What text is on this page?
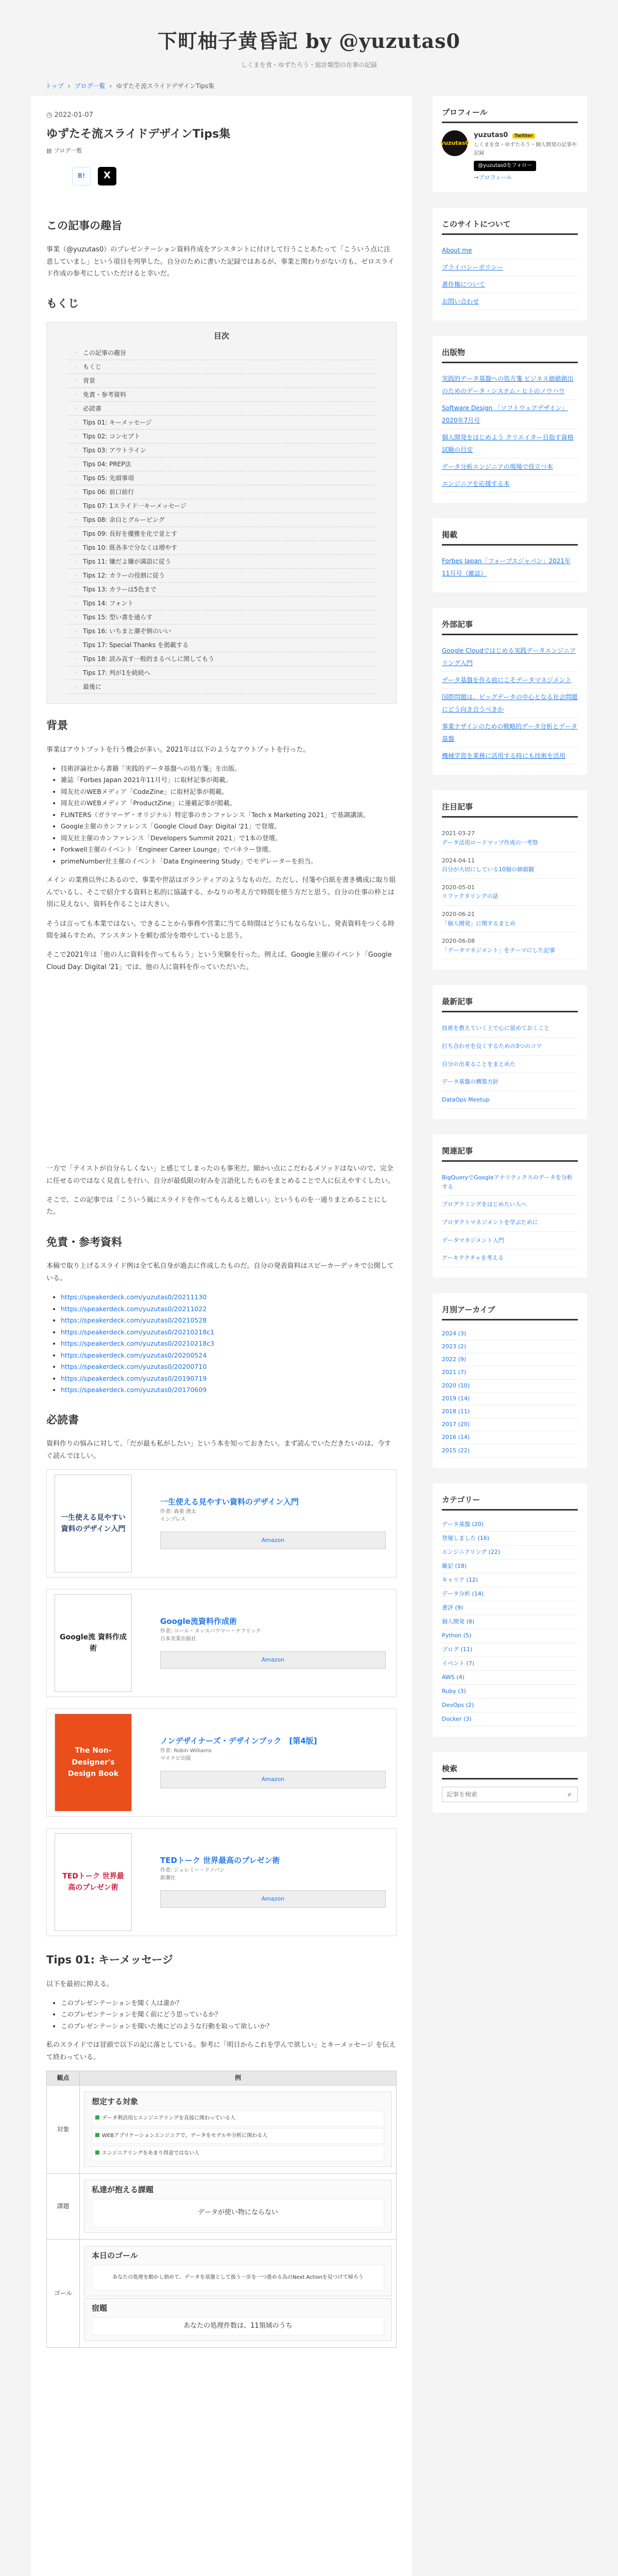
下町柚子黄昏記 by @yuzutas0
しくまを食・ゆずたろう・総計類型の在事の記録
トップ › ブログ一覧 › ゆずたそ流スライドデザインTips集
◷ 2022-01-07
ゆずたそ流スライドデザインTips集
▤ ブログ一覧
B!	X
この記事の趣旨

事業（@yuzutas0）のプレゼンテーション資料作成をアシスタントに付けして行うことあたって「こういう点に注意していまし」という項目を列挙した。自分のために書いた記録ではあるが、事業と関わりがない方も、ゼロスライド作成の参考にしていただけると幸いだ。

もくじ
目次
· この記事の趣旨
· もくじ
· 背景
· 免責・参考資料
· 必読書
· Tips 01: キーメッセージ
· Tips 02: コンセプト
· Tips 03: アウトライン
· Tips 04: PREP法
· Tips 05: 先頭事項
· Tips 06: 前口前行
· Tips 07: 1スライド一キーメッセージ
· Tips 08: 余白とグルーピング
· Tips 09: 長好を優雅を化で並とす
· Tips 10: 既各多で分なくは増やす
· Tips 11: 嫌だよ嫌が満語に従う
· Tips 12: カラーの役割に従う
· Tips 13: カラーは5色まで
· Tips 14: フォント
· Tips 15: 型い書を通らす
· Tips 16: いちまと潮ぞ倒のいい
· Tips 17: Special Thanks を掲載する
· Tips 18: 読み直す一般的まるべしに関してもう
· Tips 17: 判が1を続続へ
· 最後に
背景

事業はアウトプットを行う機会が多い。2021年は以下のようなアウトプットを行った。

• 技術評論社から書籍「実践的データ基盤への処方箋」を出版。
• 雑誌「Forbes Japan 2021年11月号」に取材記事が掲載。
• 岡友社のWEBメディア「CodeZine」に取材記事が掲載。
• 岡友社のWEBメディア「ProductZine」に連載記事が掲載。
• FLINTERS（ガラマーゲ・オリジナル）特定事のカンファレンス「Tech x Marketing 2021」で基調講演。
• Google主催のカンファレンス「Google Cloud Day: Digital '21」で登壇。
• 岡友社主催のカンファレンス「Developers Summit 2021」で1本の登壇。
• Forkwell主催のイベント「Engineer Career Lounge」でパネラー登壇。
• primeNumber社主催のイベント「Data Engineering Study」でモデレーターを担当。

メイン の業務以外にあるので、事業や世話はボランティアのようなものだ。ただし、付箋や白紙を書き構成に取り組んでいるし、そこで紹介する資料と私的に協議する、かなりの考え方で時間を使う方だと思う。自分の仕事の枠とは別に見えない、資料を作ることは大きい。

そうは言っても本業ではない。できることから事務や営業に当てる時間はどうにもならないし、発表資料をつくる時間を減らすため、アシスタントを頼む部分を増やしていると思う。

そこで2021年は「他の人に資料を作ってもらう」という実験を行った。例えば、Google主催のイベント「Google Cloud Day: Digital '21」では、他の人に資料を作っていただいた。

一方で「テイストが自分らしくない」と感じてしまったのも事実だ。細かい点にこだわるメソッドはないので、完全に任せるのではなく見直しを行い、自分が最低限の好みを言語化したものをまとめることで人に伝えやすくしたい。

そこで、この記事では「こういう風にスライドを作ってもらえると嬉しい」というものを一通りまとめることにした。

免責・参考資料

本稿で取り上げるスライド例は全て私自身が過去に作成したものだ。自分の発表資料はスピーカーデッキで公開している。

• https://speakerdeck.com/yuzutas0/20211130
• https://speakerdeck.com/yuzutas0/20211022
• https://speakerdeck.com/yuzutas0/20210528
• https://speakerdeck.com/yuzutas0/20210218c1
• https://speakerdeck.com/yuzutas0/20210218c3
• https://speakerdeck.com/yuzutas0/20200524
• https://speakerdeck.com/yuzutas0/20200710
• https://speakerdeck.com/yuzutas0/20190719
• https://speakerdeck.com/yuzutas0/20170609
必読書

資料作りの悩みに対して、「だが最も私がしたい」という本を知っておきたい。まず読んでいただきたいのは、今すぐ読んでほしい。

一生使える見やすい資料のデザイン入門
一生使える見やすい資料のデザイン入門
作者: 森重 湧太
インプレス
Amazon
Google流 資料作成術
Google流資料作成術
作者: コール・ヌッスバウマー・ナフリック
日本実業出版社
Amazon
The Non-Designer's Design Book
ノンデザイナーズ・デザインブック　[第4版]
作者: Robin Williams
マイナビ出版
Amazon
TEDトーク 世界最高のプレゼン術
TEDトーク 世界最高のプレゼン術
作者: ジェレミー・ドノバン
新潮社
Amazon
Tips 01: キーメッセージ

以下を最初に抑える。

• このプレゼンテーションを聞く人は誰か？
• このプレゼンテーションを聞く前にどう思っているか？
• このプレゼンテーションを聞いた後にどのような行動を取って欲しいか？

私のスライドでは冒頭で以下の記に落としている。参考に「明日からこれを学んで欲しい」とキーメッセージ を伝えて終わっている。

観点	例
対象	想定する対象
データ利活用とエンジニアリングを直接に関わっている人
WEBアプリケーションエンジニアで、データをモデルや分析に関わる人
エンジニアリングをあまり得意ではない人

課題	私達が抱える課題
データが使い物にならない

ゴール	本日のゴール
あなたの処理を動かし始めて、データを基盤として扱う一歩を一つ進める為のNext Actionを見つけて帰ろう
宿題
あなたの処理件数は、11領域のうち
プロフィール
yuzutas0
yuzutas0 Twitter
しくまを食・ゆずたろう・個人開発の記事や記録
@yuzutas0をフォロー
→プロフィール
このサイトについて
About me
プライバシーポリシー
著作権について
お問い合わせ
出版物
実践的データ基盤への処方箋 ビジネス価値創出のためのデータ・システム・ヒトのノウハウ
Software Design 「ソフトウェアデザイン」2020年7月号
個人開発をはじめよう クリエイター目指す資格試験の目安
データ分析エンジニアの現場で役立つ本
エンジニアを応援する本
掲載
Forbes Japan「フォーブスジャパン」2021年11月号（雑誌）
外部記事
Google Cloudではじめる実践データエンジニアリング入門
データ基盤を作る前にこそデータマネジメント
国際問題は、ビッグデータの中心となる社会問題にどう向き合うべきか
事業テザインのための戦略的データ分析とデータ基盤
機械学習を業務に活用する時にも技術を活用
注目記事
2021-03-27
データ活用ロードマップ作成の一考察
2024-04-11
自分が大切にしている10個の価値観
2020-05-01
リファクタリングの話
2020-06-21
「個人開発」に関するまとめ
2020-06-08
「データマネジメント」をテーマにした記事
最新記事
技術を教えていく上で心に留めておくこと
打ち合わせを良くするための3つのコツ
自分の出来ることをまとめた
データ基盤の構築方針
DataOps Meetup
関連記事
BigQueryでGoogleアナリティクスのデータを分析する
プログラミングをはじめたい人へ
プロダクトマネジメントを学ぶために
データマネジメント入門
アーキテクチャを考える
月別アーカイブ
2024 (3)
2023 (2)
2022 (9)
2021 (7)
2020 (10)
2019 (14)
2018 (11)
2017 (20)
2016 (14)
2015 (22)
カテゴリー
データ基盤 (20)
登壇しました (16)
エンジニアリング (22)
雑記 (18)
キャリア (12)
データ分析 (14)
書評 (9)
個人開発 (8)
Python (5)
ブログ (11)
イベント (7)
AWS (4)
Ruby (3)
DevOps (2)
Docker (3)
検索
記事を検索
⌕
